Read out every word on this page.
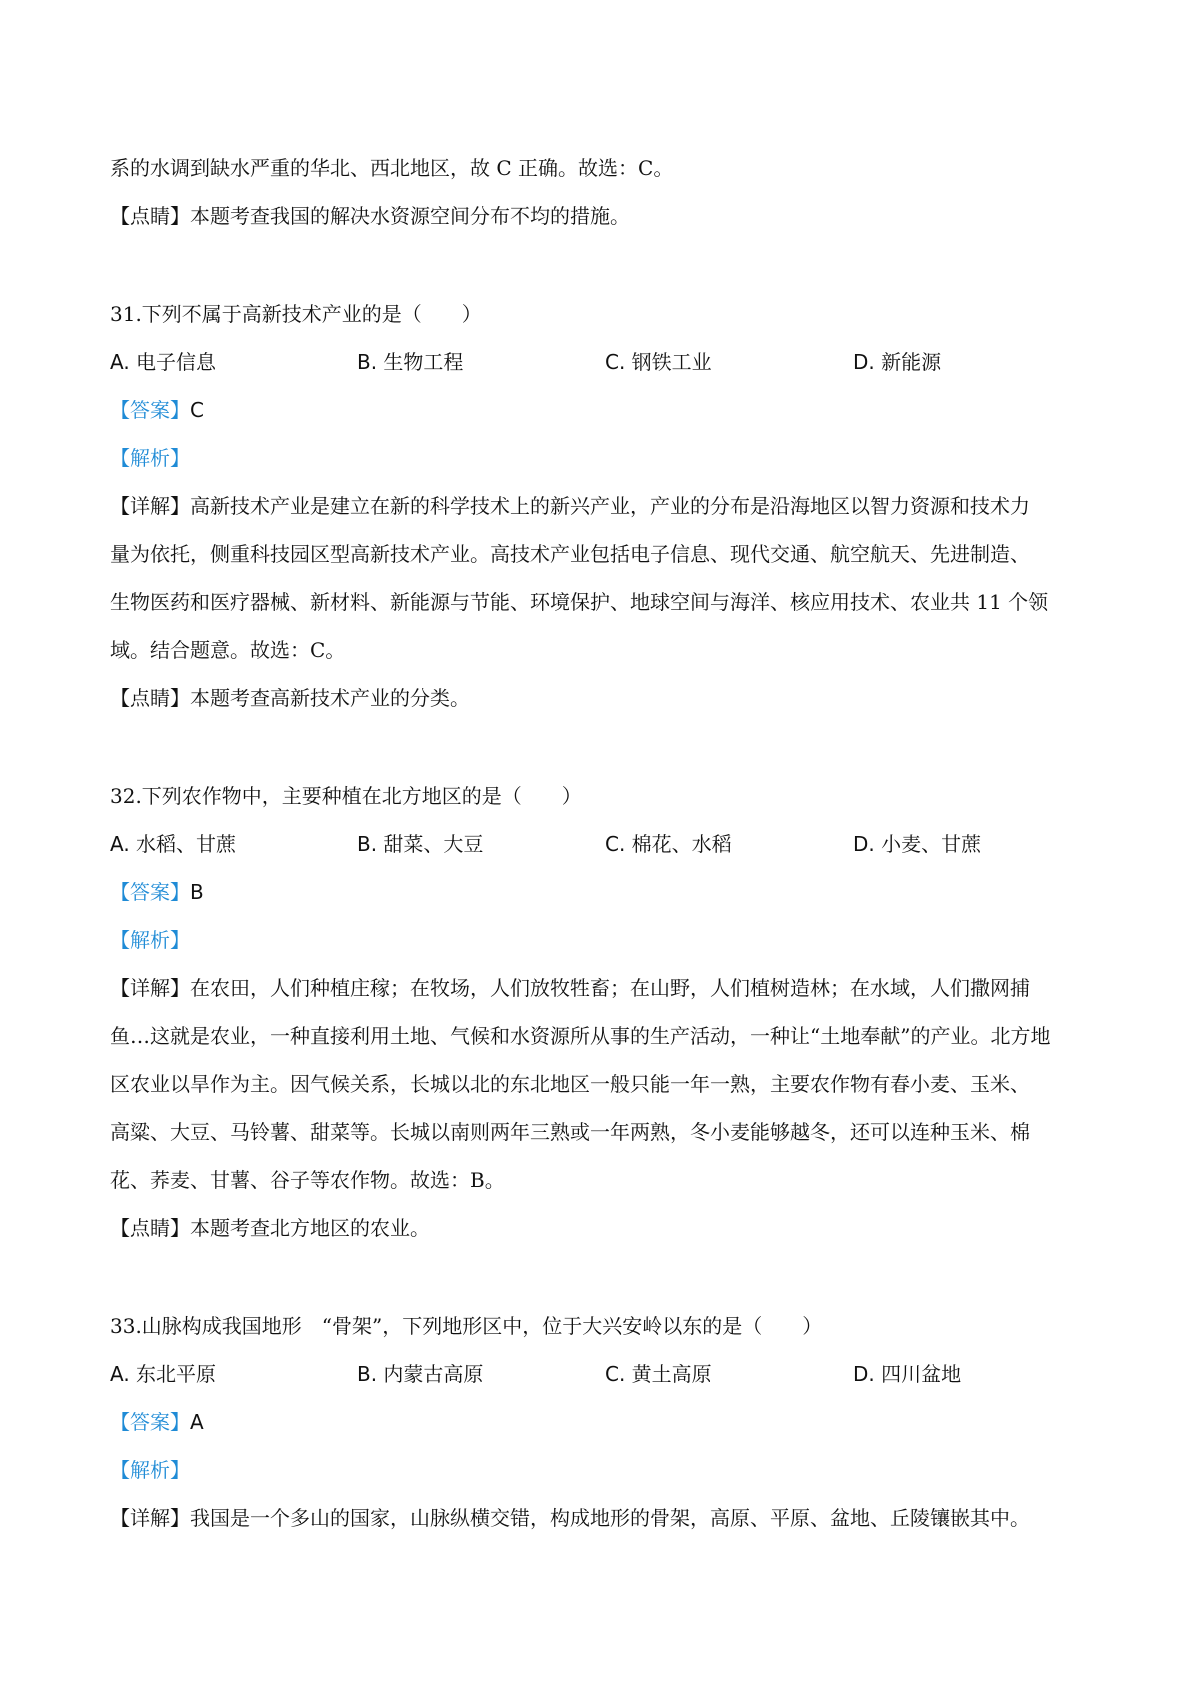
系的水调到缺水严重的华北、西北地区，故 C 正确。故选：C。
【点睛】本题考查我国的解决水资源空间分布不均的措施。
31.下列不属于高新技术产业的是（　　）
A. 电子信息	B. 生物工程	C. 钢铁工业	D. 新能源
【答案】C
【解析】
【详解】高新技术产业是建立在新的科学技术上的新兴产业，产业的分布是沿海地区以智力资源和技术力
量为依托，侧重科技园区型高新技术产业。高技术产业包括电子信息、现代交通、航空航天、先进制造、
生物医药和医疗器械、新材料、新能源与节能、环境保护、地球空间与海洋、核应用技术、农业共 11 个领
域。结合题意。故选：C。
【点睛】本题考查高新技术产业的分类。
32.下列农作物中，主要种植在北方地区的是（　　）
A. 水稻、甘蔗	B. 甜菜、大豆	C. 棉花、水稻	D. 小麦、甘蔗
【答案】B
【解析】
【详解】在农田，人们种植庄稼；在牧场，人们放牧牲畜；在山野，人们植树造林；在水域，人们撒网捕
鱼…这就是农业，一种直接利用土地、气候和水资源所从事的生产活动，一种让“土地奉献”的产业。北方地
区农业以旱作为主。因气候关系，长城以北的东北地区一般只能一年一熟，主要农作物有春小麦、玉米、
高粱、大豆、马铃薯、甜菜等。长城以南则两年三熟或一年两熟，冬小麦能够越冬，还可以连种玉米、棉
花、荞麦、甘薯、谷子等农作物。故选：B。
【点睛】本题考查北方地区的农业。
33.山脉构成我国地形　“骨架”，下列地形区中，位于大兴安岭以东的是（　　）
A. 东北平原	B. 内蒙古高原	C. 黄土高原	D. 四川盆地
【答案】A
【解析】
【详解】我国是一个多山的国家，山脉纵横交错，构成地形的骨架，高原、平原、盆地、丘陵镶嵌其中。
